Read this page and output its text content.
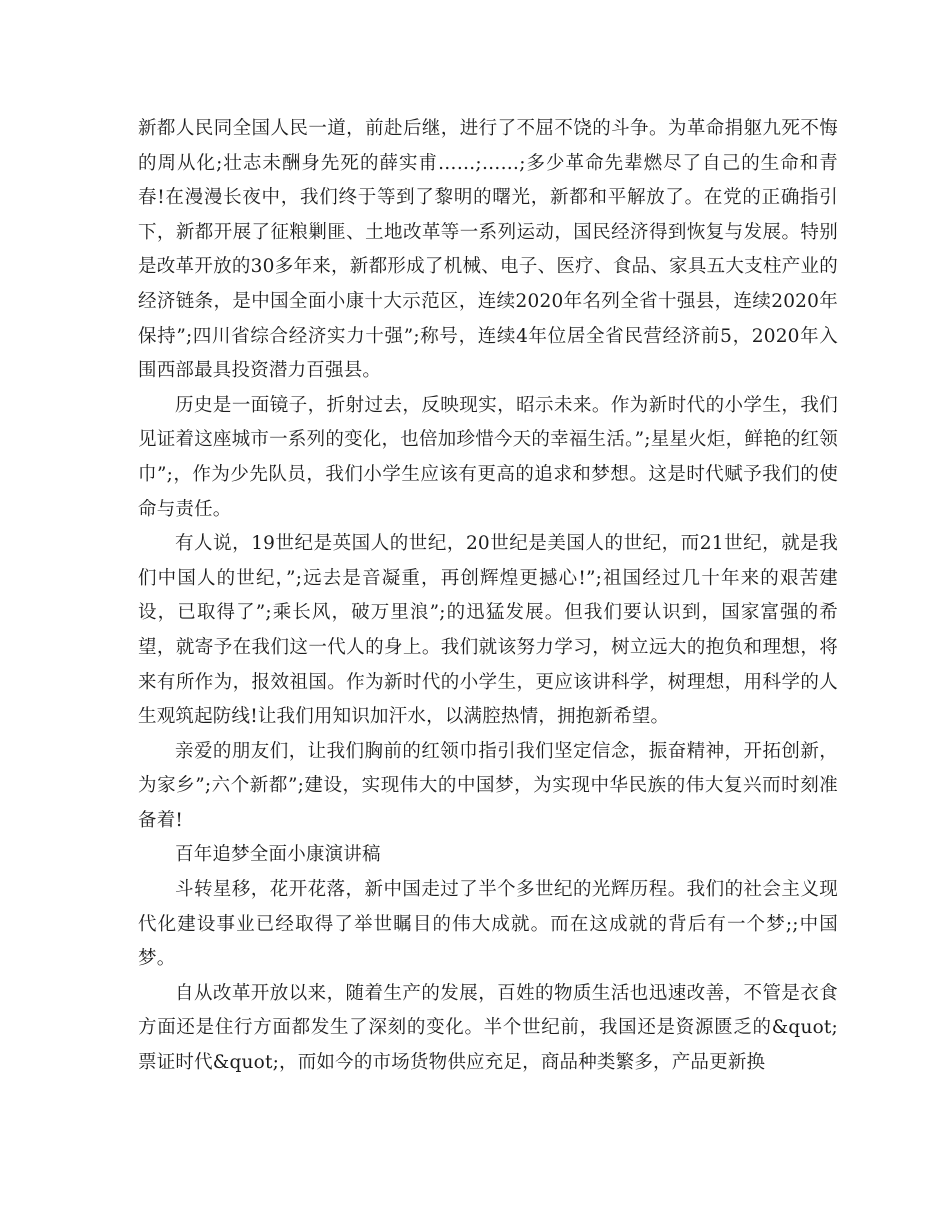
新都人民同全国人民一道，前赴后继，进行了不屈不饶的斗争。为革命捐躯九死不悔的周从化;壮志未酬身先死的薛实甫……;……;多少革命先辈燃尽了自己的生命和青春!在漫漫长夜中，我们终于等到了黎明的曙光，新都和平解放了。在党的正确指引下，新都开展了征粮剿匪、土地改革等一系列运动，国民经济得到恢复与发展。特别是改革开放的30多年来，新都形成了机械、电子、医疗、食品、家具五大支柱产业的经济链条，是中国全面小康十大示范区，连续2020年名列全省十强县，连续2020年保持”;四川省综合经济实力十强”;称号，连续4年位居全省民营经济前5，2020年入围西部最具投资潜力百强县。

历史是一面镜子，折射过去，反映现实，昭示未来。作为新时代的小学生，我们见证着这座城市一系列的变化，也倍加珍惜今天的幸福生活。”;星星火炬，鲜艳的红领巾”;，作为少先队员，我们小学生应该有更高的追求和梦想。这是时代赋予我们的使命与责任。

有人说，19世纪是英国人的世纪，20世纪是美国人的世纪，而21世纪，就是我们中国人的世纪，”;远去是音凝重，再创辉煌更撼心!”;祖国经过几十年来的艰苦建设，已取得了”;乘长风，破万里浪”;的迅猛发展。但我们要认识到，国家富强的希望，就寄予在我们这一代人的身上。我们就该努力学习，树立远大的抱负和理想，将来有所作为，报效祖国。作为新时代的小学生，更应该讲科学，树理想，用科学的人生观筑起防线!让我们用知识加汗水，以满腔热情，拥抱新希望。

亲爱的朋友们，让我们胸前的红领巾指引我们坚定信念，振奋精神，开拓创新，为家乡”;六个新都”;建设，实现伟大的中国梦，为实现中华民族的伟大复兴而时刻准备着!

百年追梦全面小康演讲稿

斗转星移，花开花落，新中国走过了半个多世纪的光辉历程。我们的社会主义现代化建设事业已经取得了举世瞩目的伟大成就。而在这成就的背后有一个梦;;中国梦。

自从改革开放以来，随着生产的发展，百姓的物质生活也迅速改善，不管是衣食方面还是住行方面都发生了深刻的变化。半个世纪前，我国还是资源匮乏的&quot;票证时代&quot;，而如今的市场货物供应充足，商品种类繁多，产品更新换
